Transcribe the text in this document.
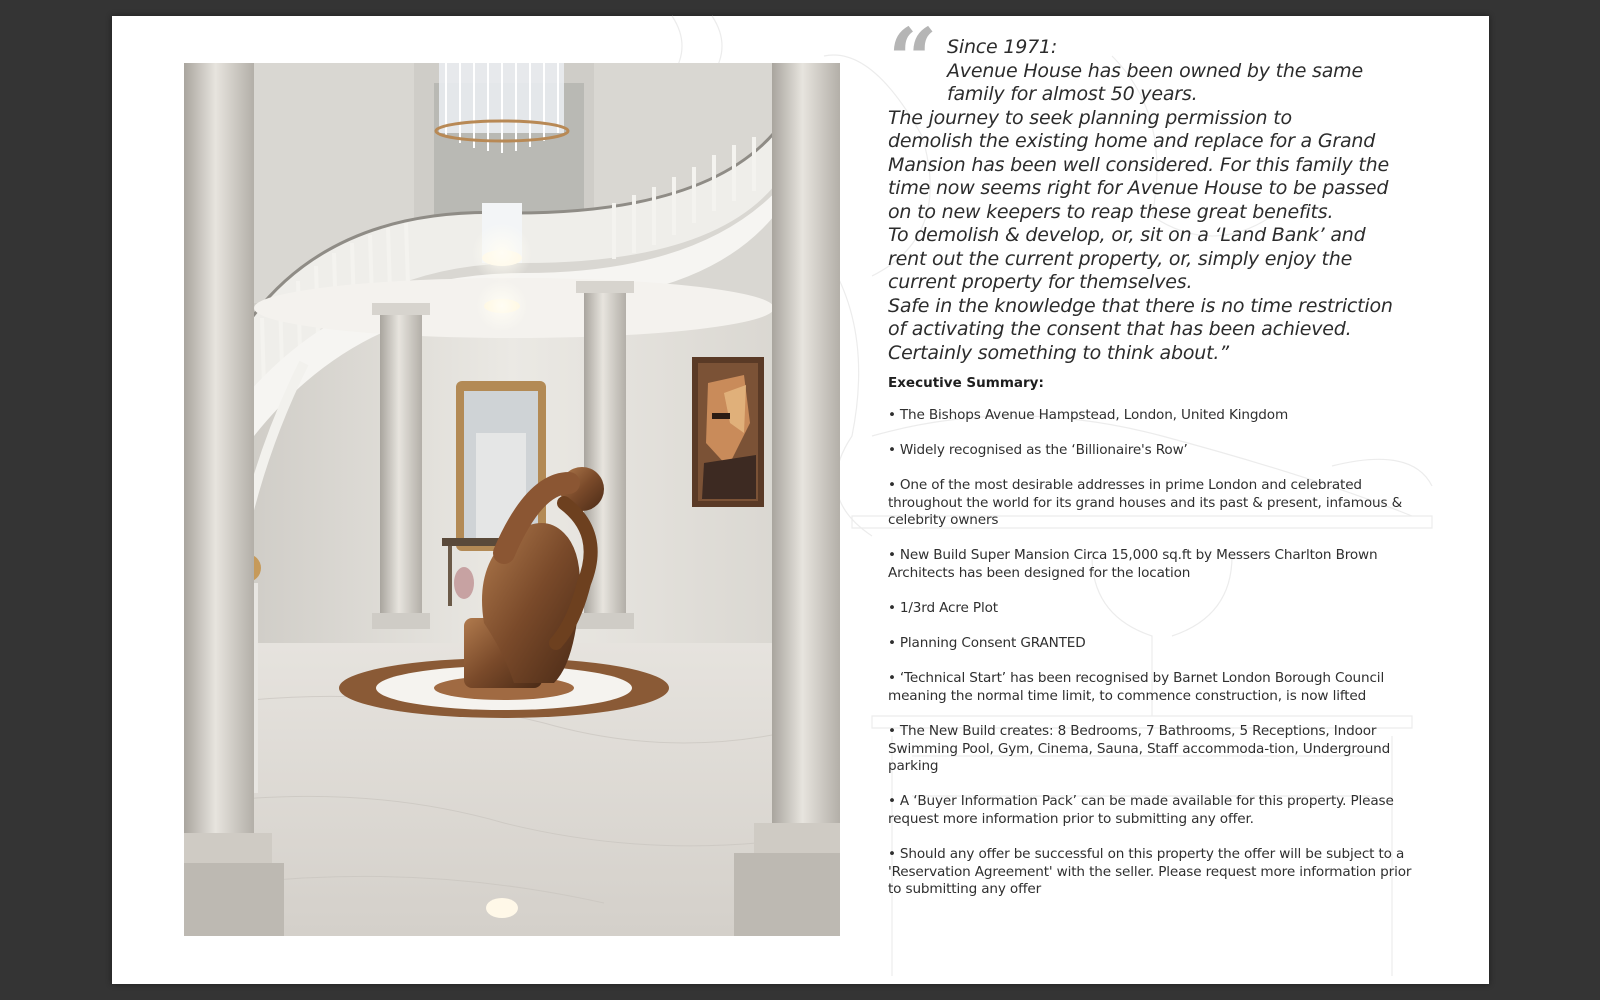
“ Since 1971:

Avenue House has been owned by the same

family for almost 50 years.

The journey to seek planning permission to

demolish the existing home and replace for a Grand

Mansion has been well considered. For this family the

time now seems right for Avenue House to be passed

on to new keepers to reap these great benefits.

To demolish & develop, or, sit on a ‘Land Bank’ and

rent out the current property, or, simply enjoy the

current property for themselves.

Safe in the knowledge that there is no time restriction

of activating the consent that has been achieved.

Certainly something to think about.”

Executive Summary:
• The Bishops Avenue Hampstead, London, United Kingdom
• Widely recognised as the ‘Billionaire's Row’
• One of the most desirable addresses in prime London and celebrated throughout the world for its grand houses and its past & present, infamous & celebrity owners
• New Build Super Mansion Circa 15,000 sq.ft by Messers Charlton Brown Architects has been designed for the location
• 1/3rd Acre Plot
• Planning Consent GRANTED
• ‘Technical Start’ has been recognised by Barnet London Borough Council meaning the normal time limit, to commence construction, is now lifted
• The New Build creates: 8 Bedrooms, 7 Bathrooms, 5 Receptions, Indoor Swimming Pool, Gym, Cinema, Sauna, Staff accommoda-tion, Underground parking
• A ‘Buyer Information Pack’ can be made available for this property. Please request more information prior to submitting any offer.
• Should any offer be successful on this property the offer will be subject to a 'Reservation Agreement' with the seller. Please request more information prior to submitting any offer
